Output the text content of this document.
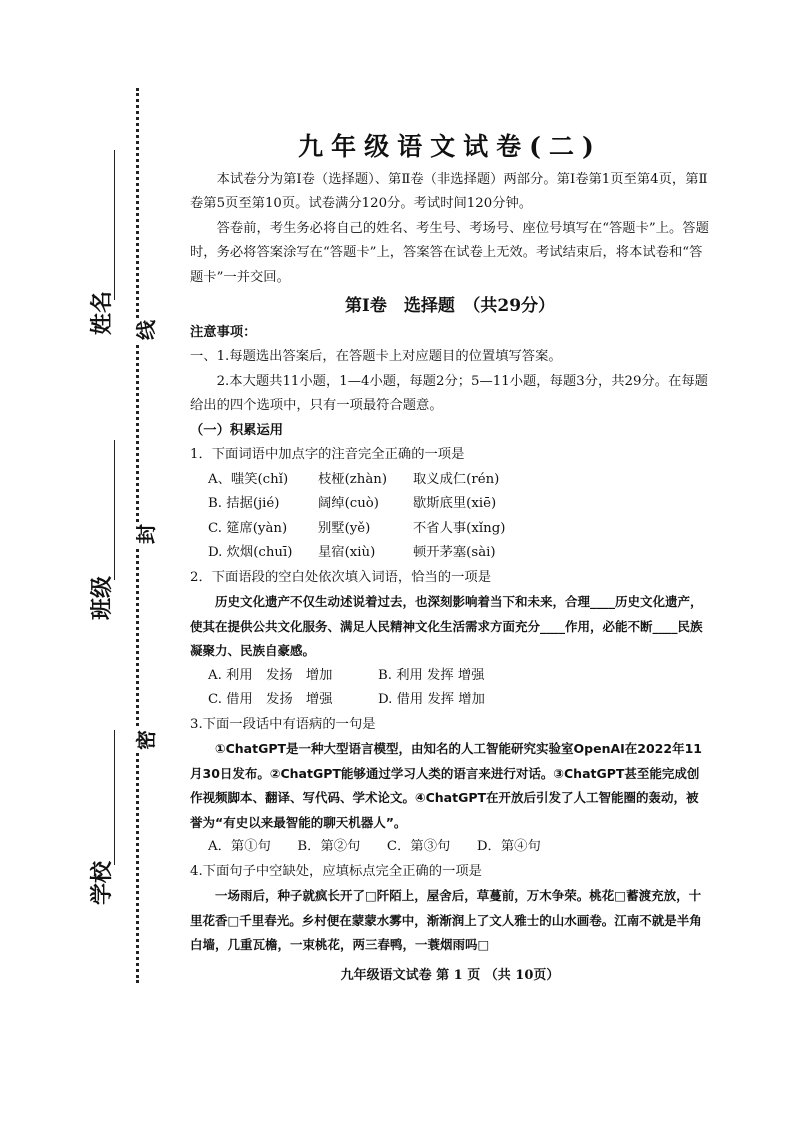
姓名
班级
学校
线
封
密
九年级语文试卷(二)

本试卷分为第Ⅰ卷（选择题）、第Ⅱ卷（非选择题）两部分。第Ⅰ卷第1页至第4页，第Ⅱ卷第5页至第10页。试卷满分120分。考试时间120分钟。

答卷前，考生务必将自己的姓名、考生号、考场号、座位号填写在“答题卡”上。答题时，务必将答案涂写在“答题卡”上，答案答在试卷上无效。考试结束后，将本试卷和“答题卡”一并交回。

第Ⅰ卷　选择题　（共29分）

注意事项：

一、1.每题选出答案后，在答题卡上对应题目的位置填写答案。

2.本大题共11小题，1—4小题，每题2分；5—11小题，每题3分，共29分。在每题给出的四个选项中，只有一项最符合题意。

（一）积累运用

1．下面词语中加点字的注音完全正确的一项是

A、嗤笑(chǐ)	枝桠(zhàn)	取义成仁(rén)
B. 拮据(jié)	阔绰(cuò)	歇斯底里(xiē)
C. 筵席(yàn)	别墅(yě)	不省人事(xǐng)
D. 炊烟(chuī)	星宿(xiù)	顿开茅塞(sài)

2．下面语段的空白处依次填入词语，恰当的一项是

历史文化遗产不仅生动述说着过去，也深刻影响着当下和未来，合理____历史文化遗产，使其在提供公共文化服务、满足人民精神文化生活需求方面充分____作用，必能不断____民族凝聚力、民族自豪感。

A. 利用　发扬　增加	B. 利用 发挥 增强
C. 借用　发扬　增强	D. 借用 发挥 增加

3.下面一段话中有语病的一句是

①ChatGPT是一种大型语言模型，由知名的人工智能研究实验室OpenAI在2022年11月30日发布。②ChatGPT能够通过学习人类的语言来进行对话。③ChatGPT甚至能完成创作视频脚本、翻译、写代码、学术论文。④ChatGPT在开放后引发了人工智能圈的轰动，被誉为“有史以来最智能的聊天机器人”。

A．第①句　　B．第②句　　C．第③句　　D．第④句

4.下面句子中空缺处，应填标点完全正确的一项是

一场雨后，种子就疯长开了□阡陌上，屋舍后，草蔓前，万木争荣。桃花□蓄渡充放，十里花香□千里春光。乡村便在蒙蒙水雾中，渐渐润上了文人雅士的山水画卷。江南不就是半角白墙，几重瓦檐，一束桃花，两三春鸭，一蓑烟雨吗□

九年级语文试卷 第 1 页 （共 10页）
